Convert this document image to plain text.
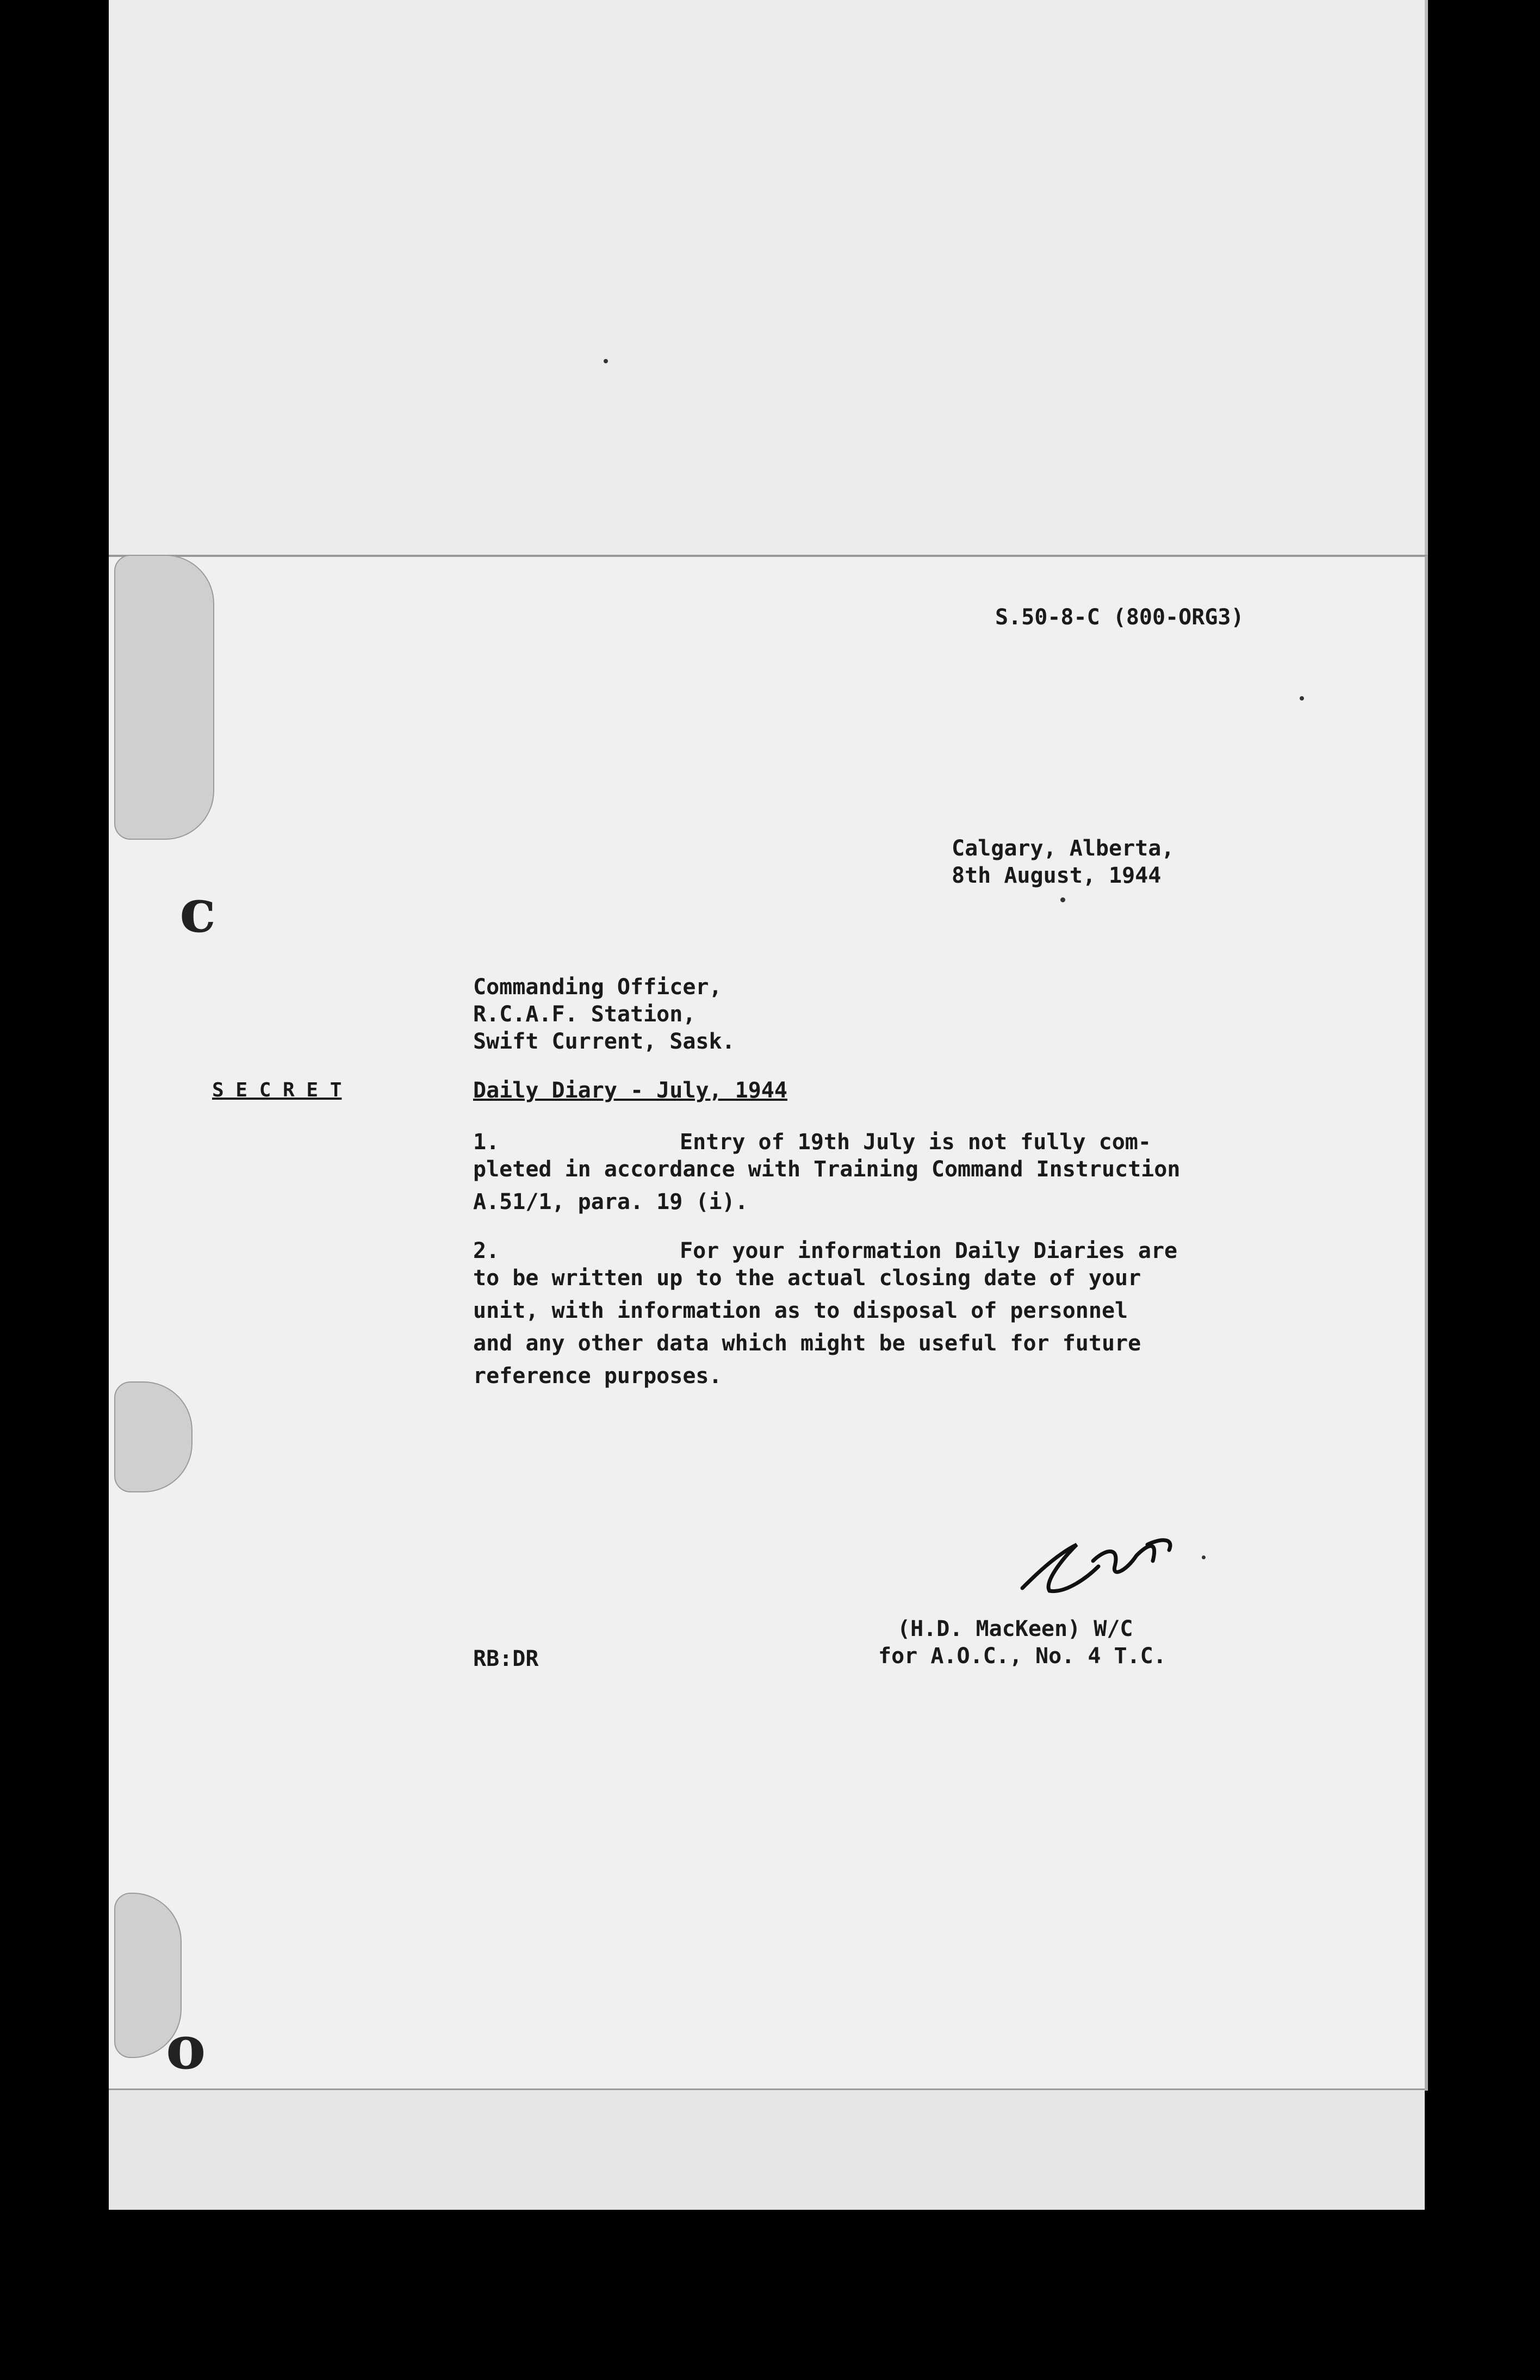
c
o
S.50-8-C (800-ORG3)
Calgary, Alberta,
8th August, 1944
Commanding Officer,
R.C.A.F. Station,
Swift Current, Sask.
S E C R E T	Daily Diary - July, 1944
1.	Entry of 19th July is not fully com-
pleted in accordance with Training Command Instruction
A.51/1, para. 19 (i).
2.	For your information Daily Diaries are
to be written up to the actual closing date of your
unit, with information as to disposal of personnel
and any other data which might be useful for future
reference purposes.
(H.D. MacKeen) W/C
for A.O.C., No. 4 T.C.
RB:DR
